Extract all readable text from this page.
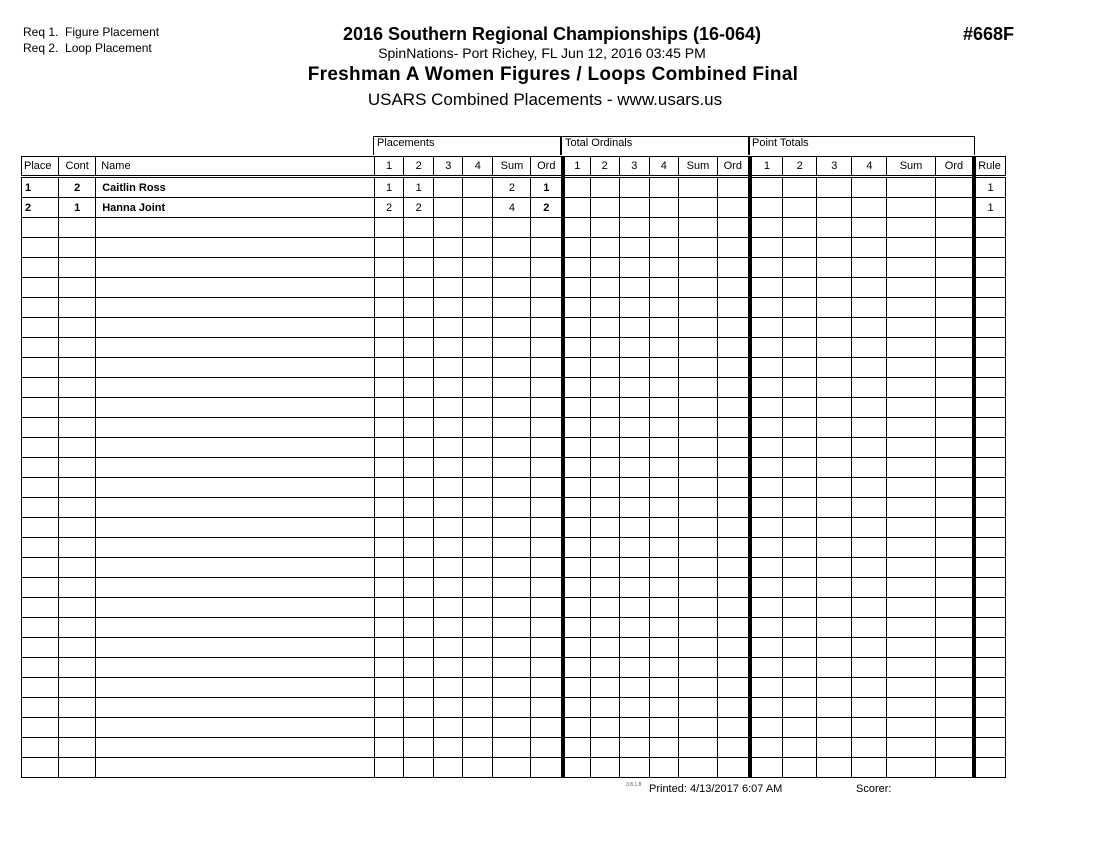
Req 1. Figure Placement
Req 2. Loop Placement
2016 Southern Regional Championships (16-064)
SpinNations- Port Richey, FL Jun 12, 2016 03:45 PM
Freshman A Women Figures / Loops Combined Final
USARS Combined Placements - www.usars.us
#668F
Placements	Total Ordinals	Point Totals
Place	Cont	Name	1	2	3	4	Sum	Ord	1	2	3	4	Sum	Ord	1	2	3	4	Sum	Ord	Rule
1	2	Caitlin Ross	1	1			2	1													1
2	1	Hanna Joint	2	2			4	2													1

3.8.1.8 Printed: 4/13/2017 6:07 AM	Scorer:
